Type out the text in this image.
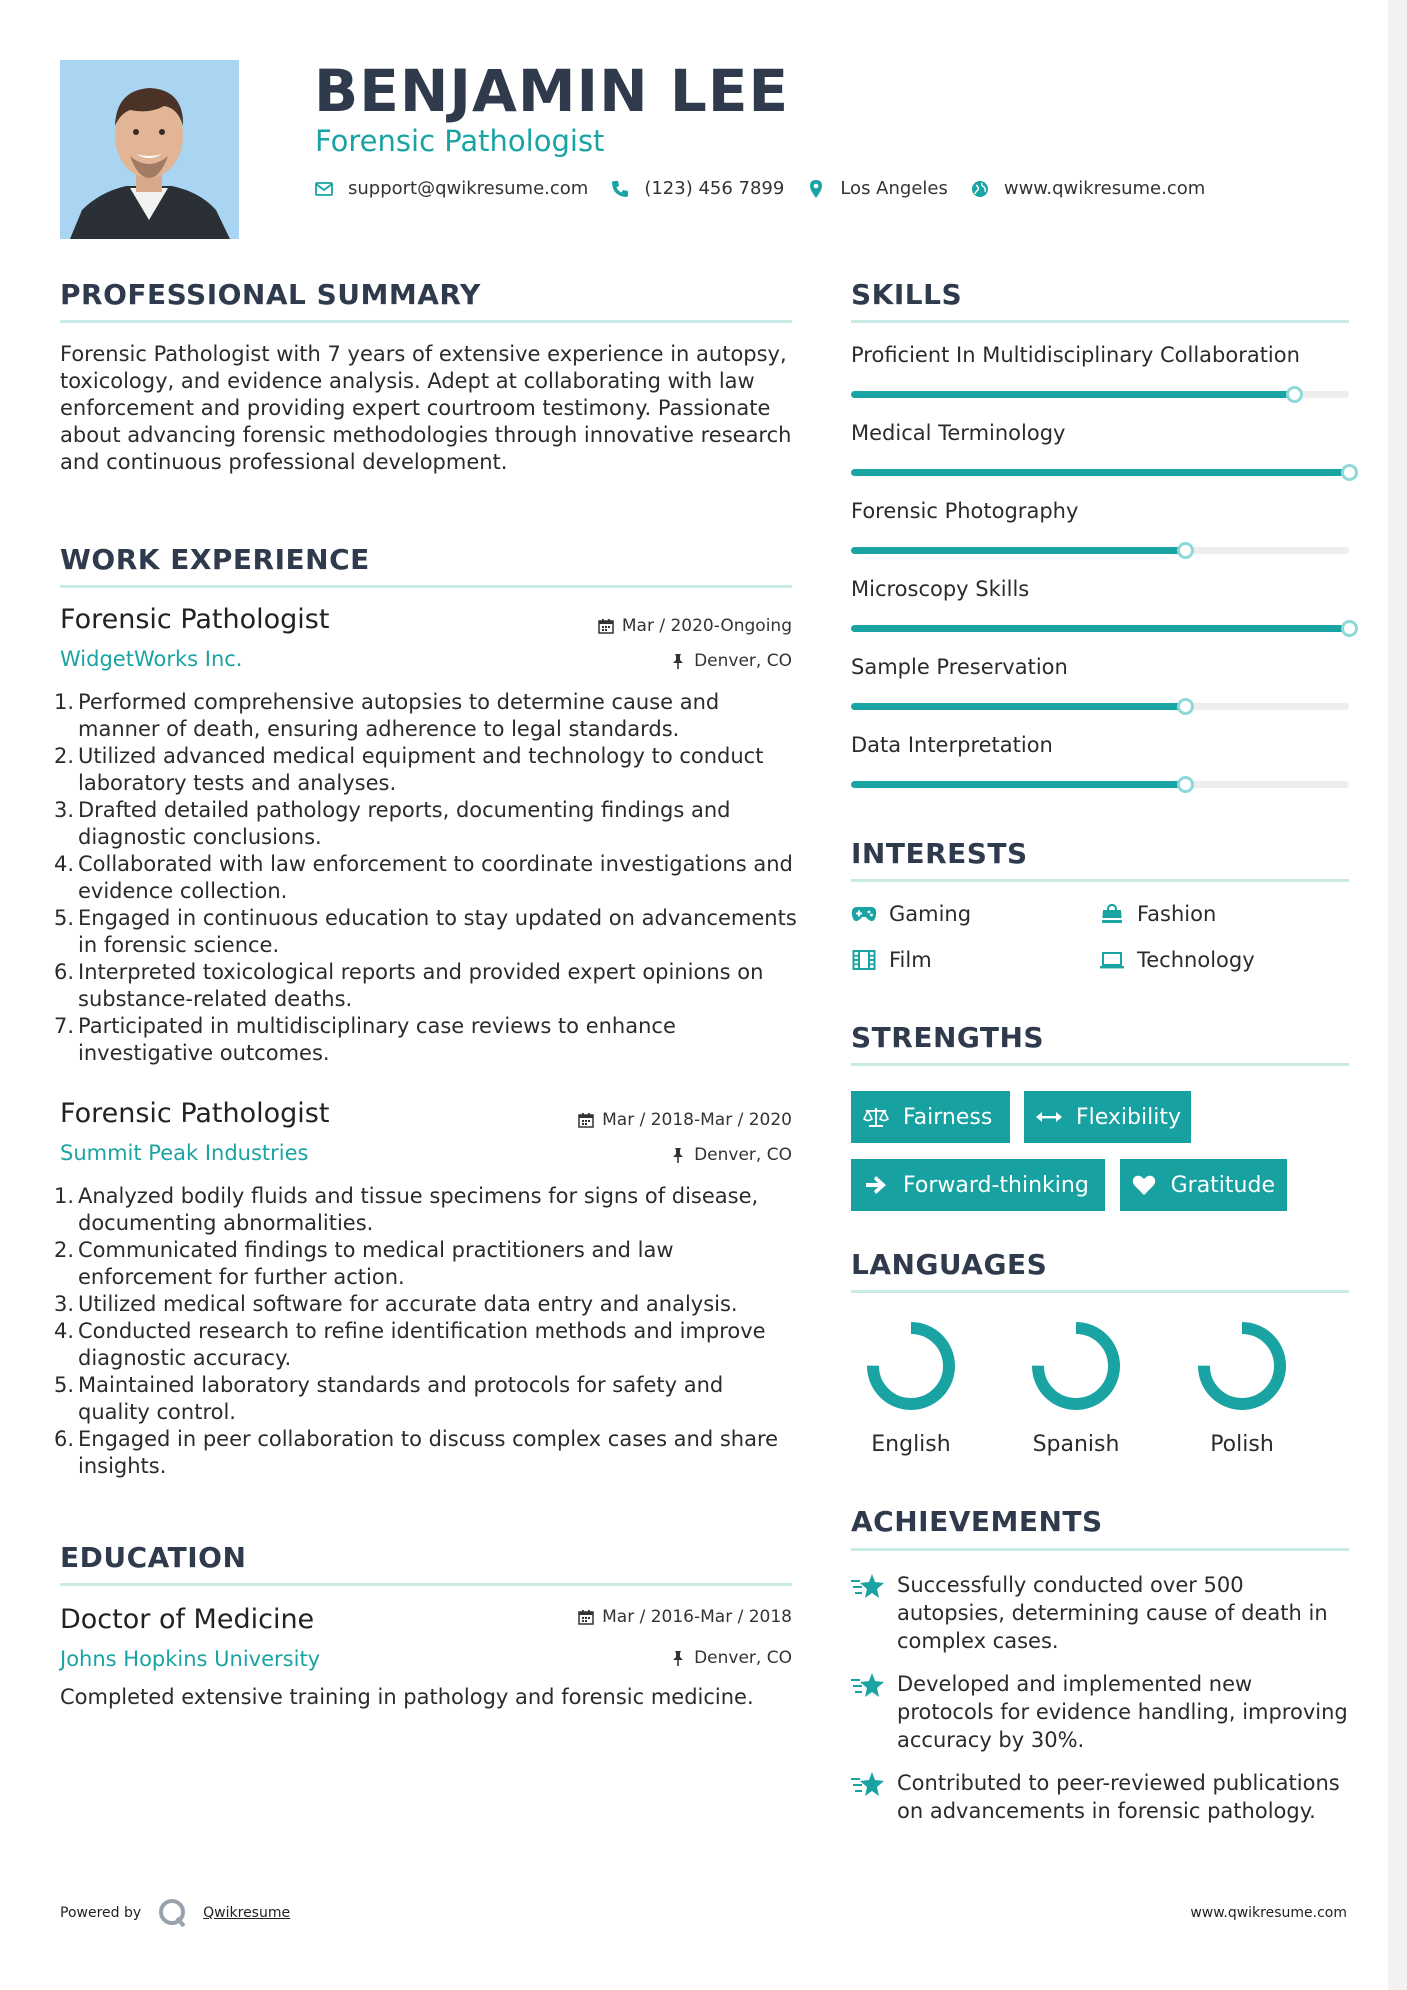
BENJAMIN LEE
Forensic Pathologist
support@qwikresume.com	(123) 456 7899	Los Angeles	www.qwikresume.com
PROFESSIONAL SUMMARY
Forensic Pathologist with 7 years of extensive experience in autopsy, toxicology, and evidence analysis. Adept at collaborating with law enforcement and providing expert courtroom testimony. Passionate about advancing forensic methodologies through innovative research and continuous professional development.
WORK EXPERIENCE
Forensic Pathologist	Mar / 2020-Ongoing
WidgetWorks Inc.	Denver, CO
Performed comprehensive autopsies to determine cause and manner of death, ensuring adherence to legal standards.
Utilized advanced medical equipment and technology to conduct laboratory tests and analyses.
Drafted detailed pathology reports, documenting findings and diagnostic conclusions.
Collaborated with law enforcement to coordinate investigations and evidence collection.
Engaged in continuous education to stay updated on advancements in forensic science.
Interpreted toxicological reports and provided expert opinions on substance-related deaths.
Participated in multidisciplinary case reviews to enhance investigative outcomes.
Forensic Pathologist	Mar / 2018-Mar / 2020
Summit Peak Industries	Denver, CO
Analyzed bodily fluids and tissue specimens for signs of disease, documenting abnormalities.
Communicated findings to medical practitioners and law enforcement for further action.
Utilized medical software for accurate data entry and analysis.
Conducted research to refine identification methods and improve diagnostic accuracy.
Maintained laboratory standards and protocols for safety and quality control.
Engaged in peer collaboration to discuss complex cases and share insights.
EDUCATION
Doctor of Medicine	Mar / 2016-Mar / 2018
Johns Hopkins University	Denver, CO
Completed extensive training in pathology and forensic medicine.
SKILLS
Proficient In Multidisciplinary Collaboration
Medical Terminology
Forensic Photography
Microscopy Skills
Sample Preservation
Data Interpretation
INTERESTS
Gaming	Fashion
Film	Technology
STRENGTHS
Fairness	Flexibility
Forward-thinking	Gratitude
LANGUAGES
English	Spanish	Polish
ACHIEVEMENTS
Successfully conducted over 500 autopsies, determining cause of death in complex cases.
Developed and implemented new protocols for evidence handling, improving accuracy by 30%.
Contributed to peer-reviewed publications on advancements in forensic pathology.
Powered by	Qwikresume	www.qwikresume.com
